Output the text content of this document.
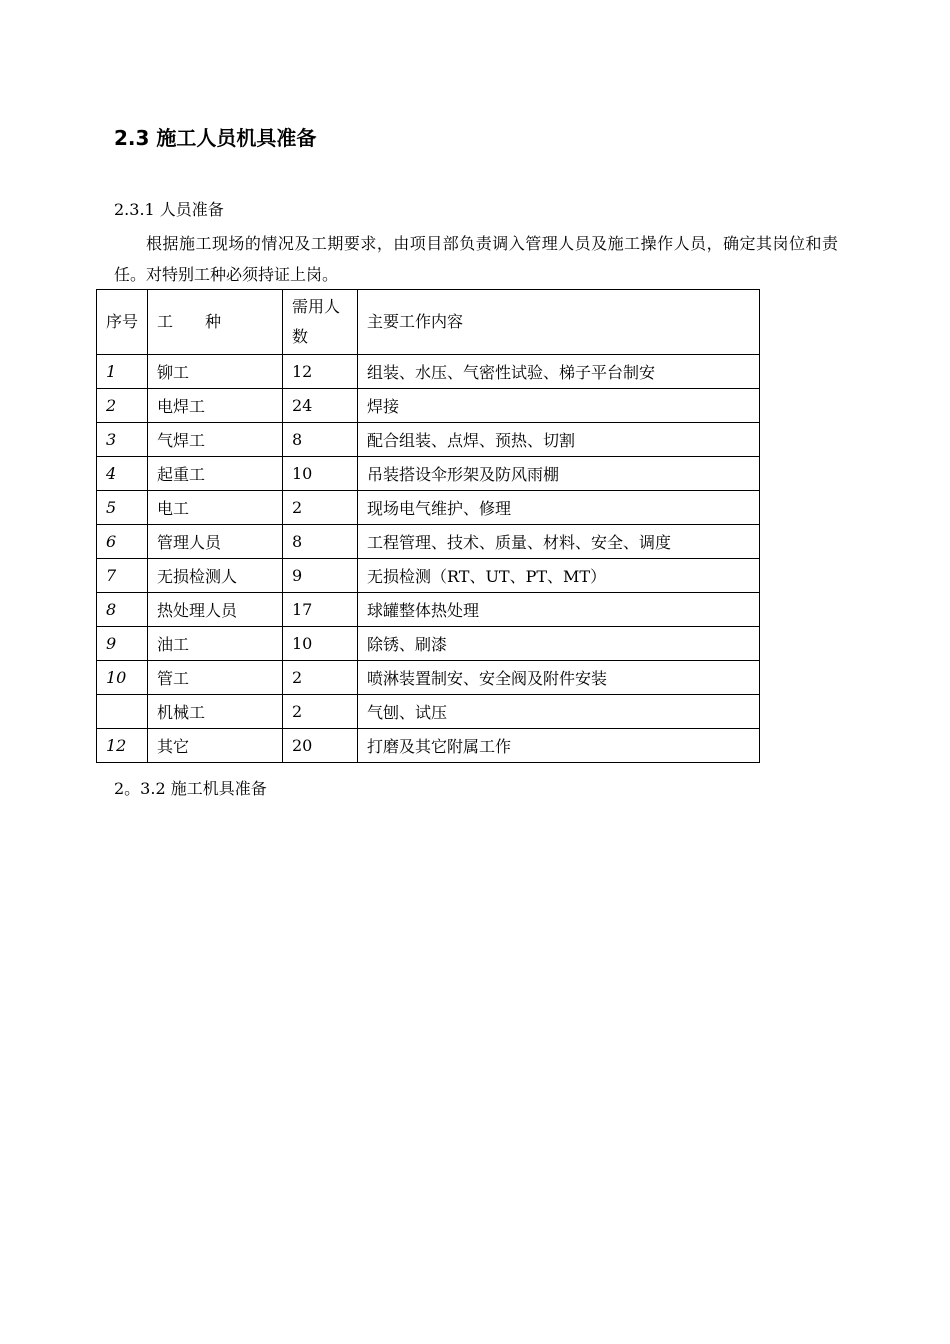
2.3 施工人员机具准备
2.3.1 人员准备

根据施工现场的情况及工期要求，由项目部负责调入管理人员及施工操作人员，确定其岗位和责任。对特别工种必须持证上岗。

序号	工　　种	需用人数	主要工作内容
1	铆工	12	组装、水压、气密性试验、梯子平台制安
2	电焊工	24	焊接
3	气焊工	8	配合组装、点焊、预热、切割
4	起重工	10	吊装搭设伞形架及防风雨棚
5	电工	2	现场电气维护、修理
6	管理人员	8	工程管理、技术、质量、材料、安全、调度
7	无损检测人	9	无损检测（RT、UT、PT、MT）
8	热处理人员	17	球罐整体热处理
9	油工	10	除锈、刷漆
10	管工	2	喷淋装置制安、安全阀及附件安装
	机械工	2	气刨、试压
12	其它	20	打磨及其它附属工作
2。3.2 施工机具准备
